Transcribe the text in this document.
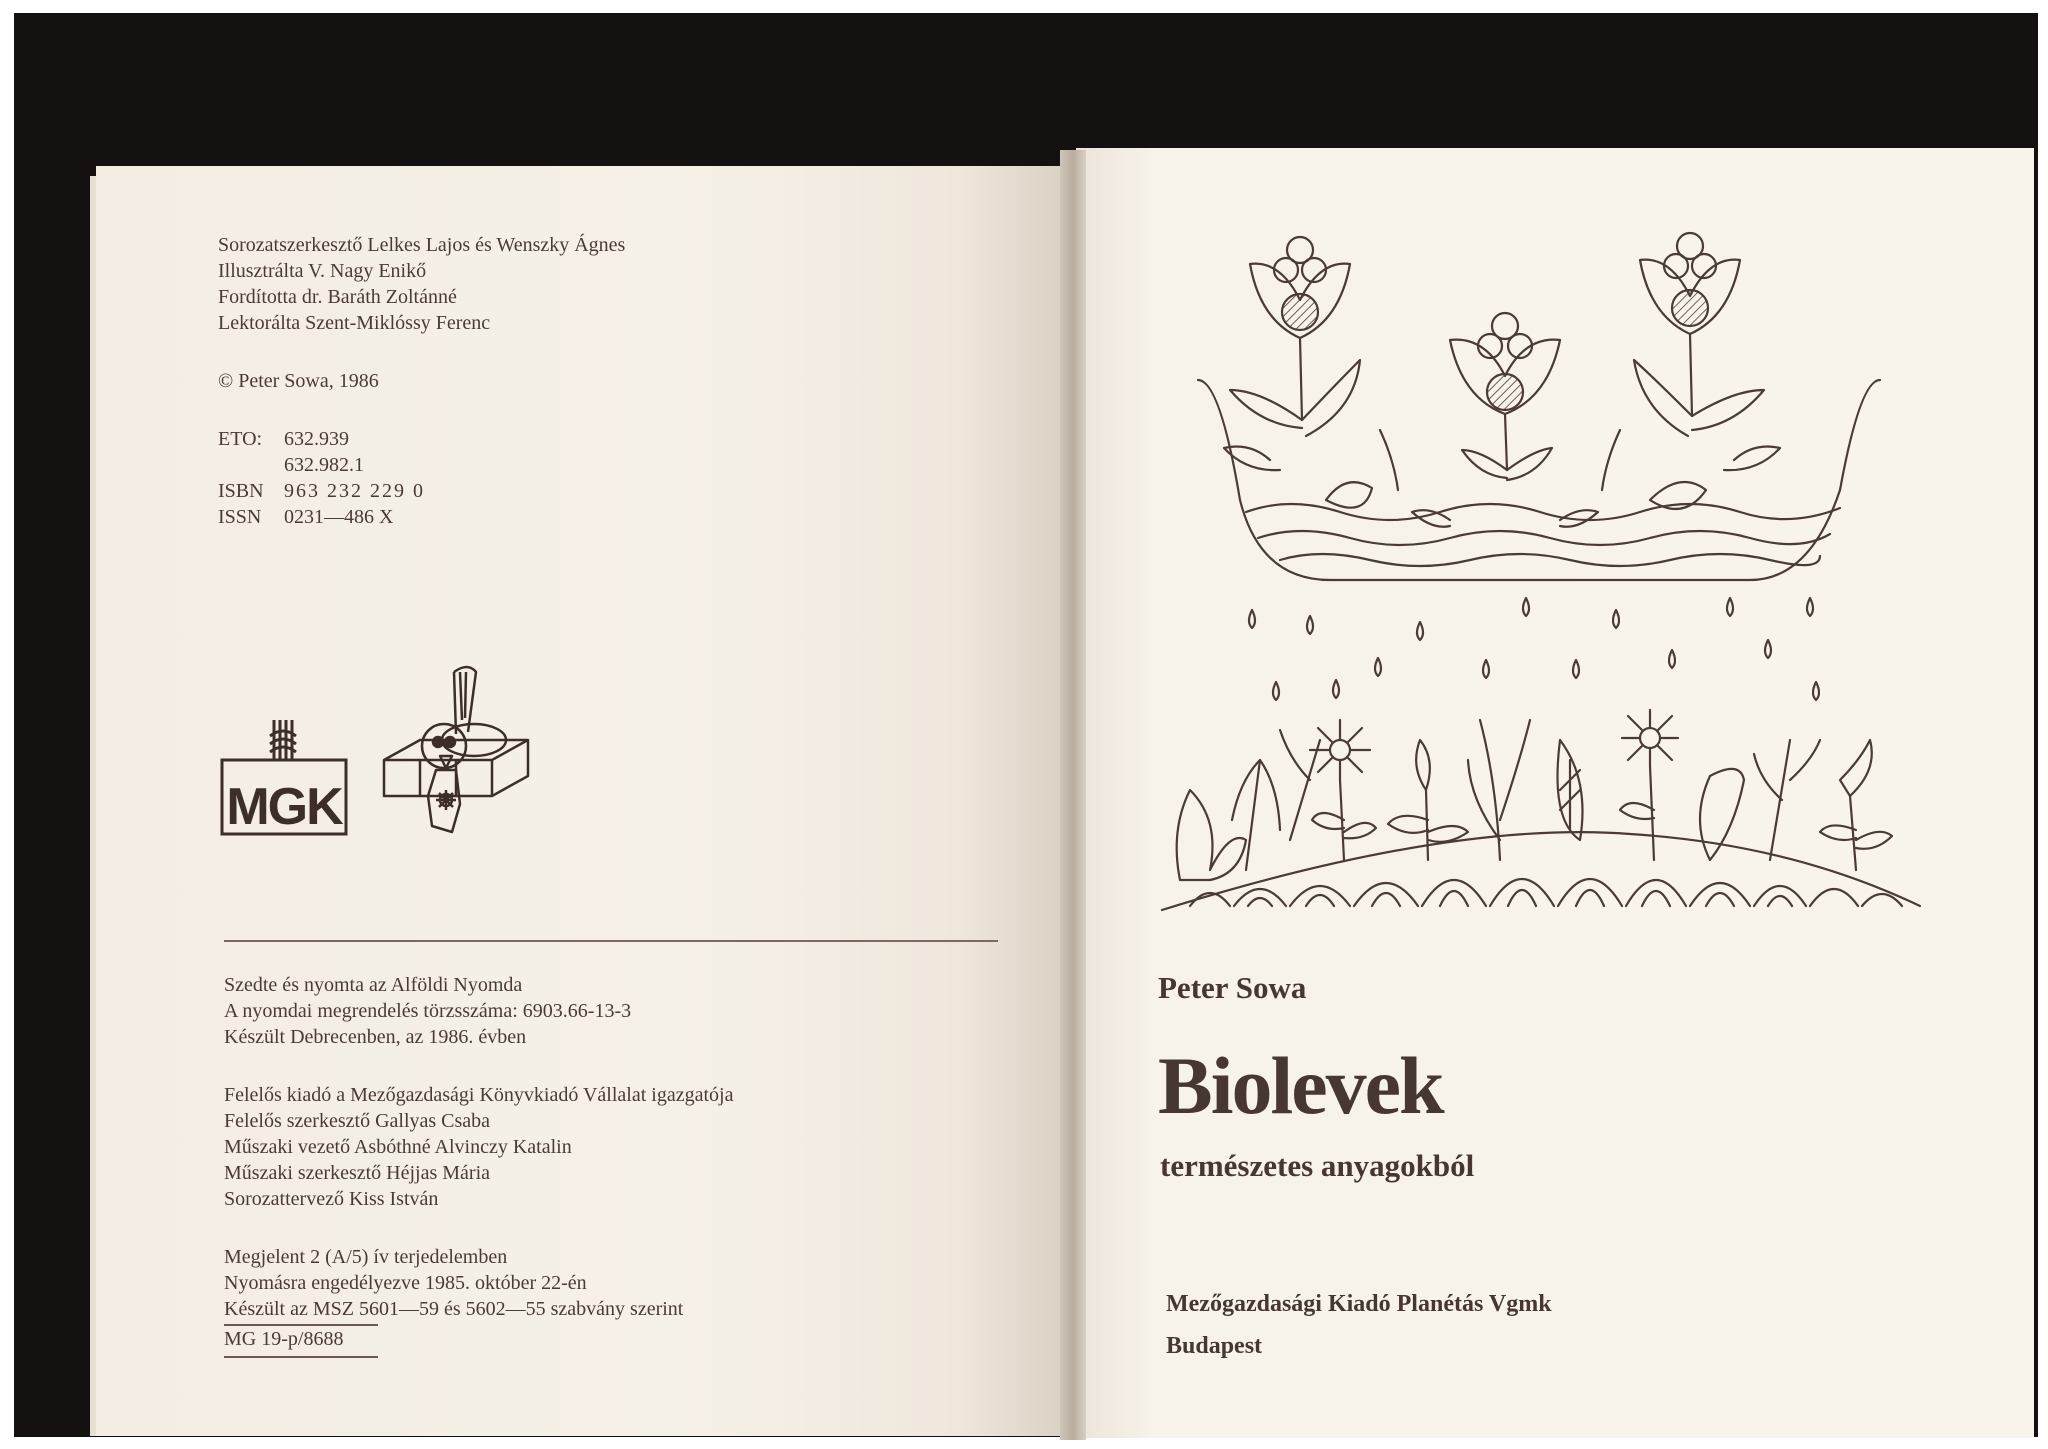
Sorozatszerkesztő Lelkes Lajos és Wenszky Ágnes
Illusztrálta V. Nagy Enikő
Fordította dr. Baráth Zoltánné
Lektorálta Szent-Miklóssy Ferenc
© Peter Sowa, 1986
ETO: 632.939
632.982.1
ISBN 963 232 229 0
ISSN 0231—486 X
MGK
Szedte és nyomta az Alföldi Nyomda
A nyomdai megrendelés törzsszáma: 6903.66-13-3
Készült Debrecenben, az 1986. évben
Felelős kiadó a Mezőgazdasági Könyvkiadó Vállalat igazgatója
Felelős szerkesztő Gallyas Csaba
Műszaki vezető Asbóthné Alvinczy Katalin
Műszaki szerkesztő Héjjas Mária
Sorozattervező Kiss István
Megjelent 2 (A/5) ív terjedelemben
Nyomásra engedélyezve 1985. október 22-én
Készült az MSZ 5601—59 és 5602—55 szabvány szerint
MG 19-p/8688
Peter Sowa
Biolevek
természetes anyagokból
Mezőgazdasági Kiadó Planétás Vgmk
Budapest
